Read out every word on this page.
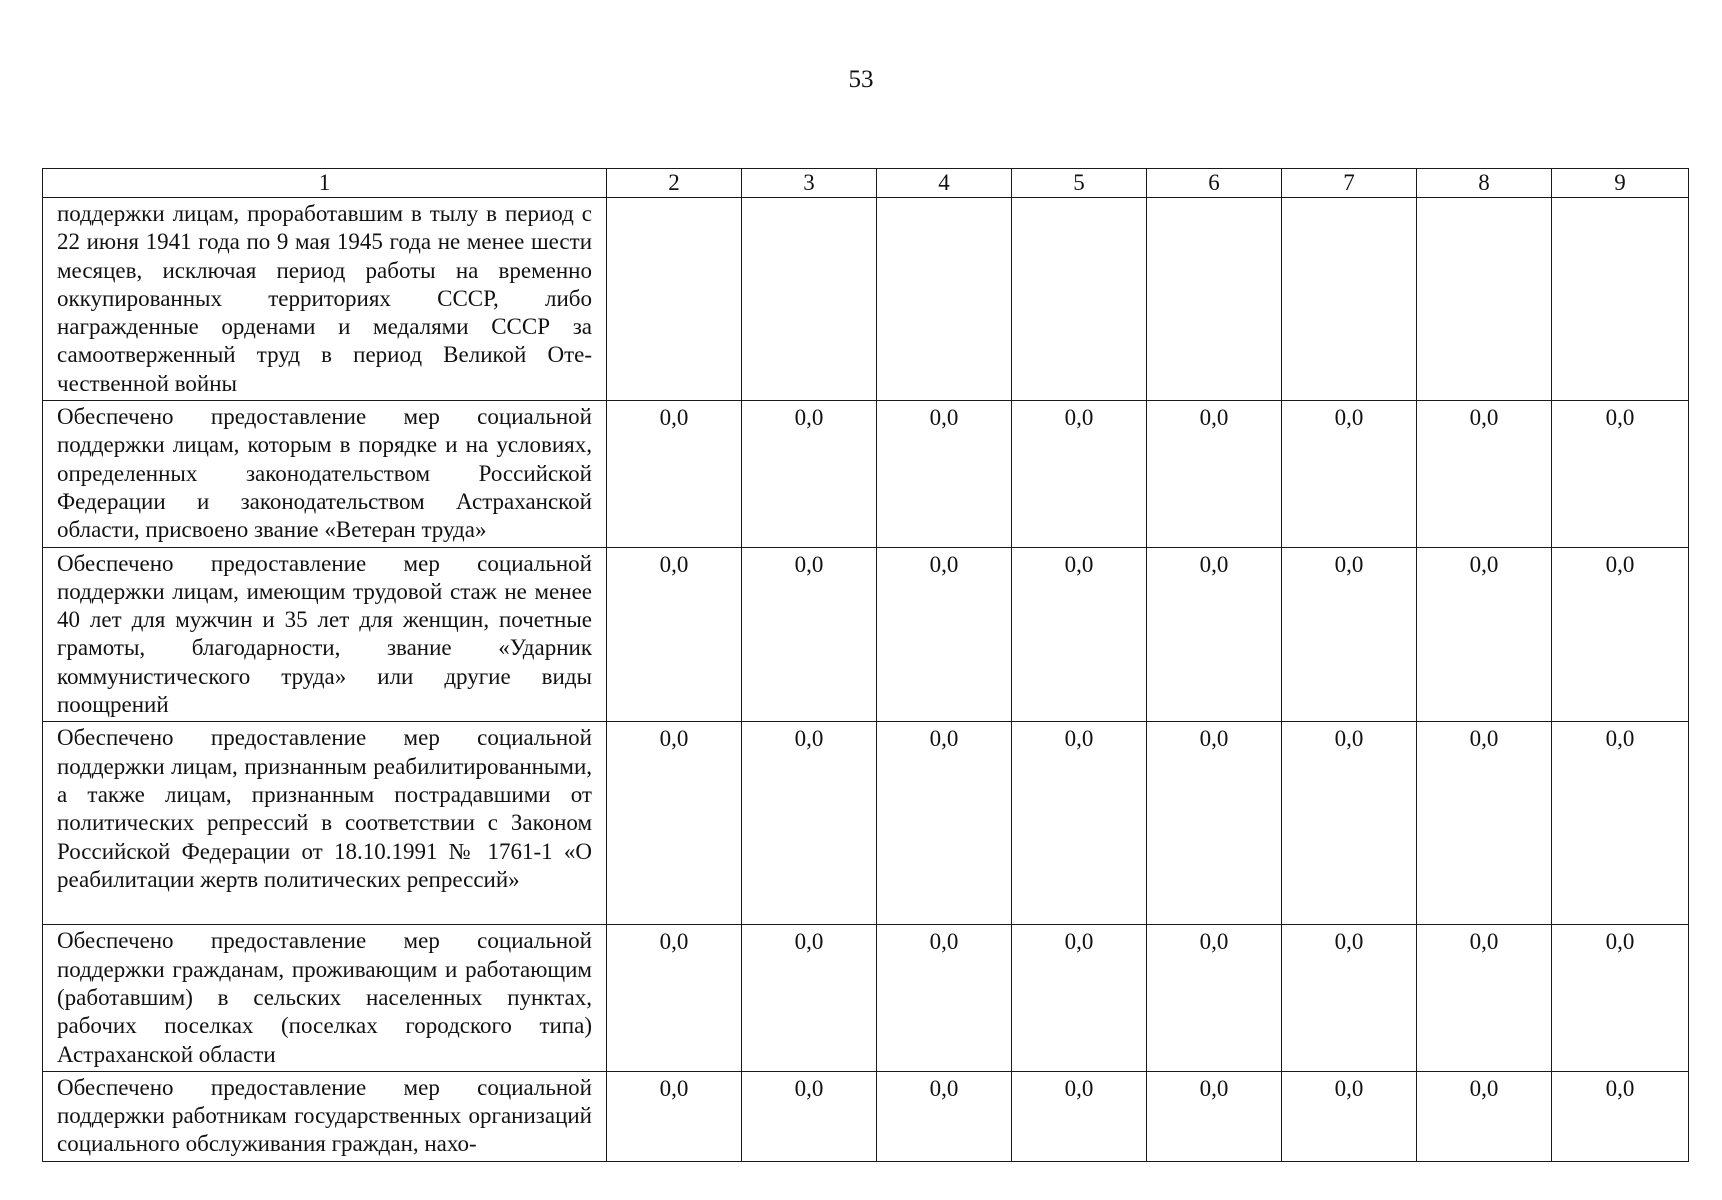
53
1	2	3	4	5	6	7	8	9
поддержки лицам, проработавшим в тылу в период с 22 июня 1941 года по 9 мая 1945 года не менее шести месяцев, исключая период работы на временно оккупированных территориях СССР, либо награжденные орденами и медалями СССР за самоотверженный труд в период Великой Отечественной войны								
Обеспечено предоставление мер социальной поддержки лицам, которым в порядке и на условиях, определенных законодательством Российской Федерации и законодательством Астраханской области, присвоено звание «Ветеран труда»	0,0	0,0	0,0	0,0	0,0	0,0	0,0	0,0
Обеспечено предоставление мер социальной поддержки лицам, имеющим трудовой стаж не менее 40 лет для мужчин и 35 лет для женщин, почетные грамоты, благодарности, звание «Ударник коммунистического труда» или другие виды поощрений	0,0	0,0	0,0	0,0	0,0	0,0	0,0	0,0
Обеспечено предоставление мер социальной поддержки лицам, признанным реабилитированными, а также лицам, признанным пострадавшими от политических репрессий в соответствии с Законом Российской Федерации от 18.10.1991 № 1761-1 «О реабилитации жертв политических репрессий»	0,0	0,0	0,0	0,0	0,0	0,0	0,0	0,0
Обеспечено предоставление мер социальной поддержки гражданам, проживающим и работающим (работавшим) в сельских населенных пунктах, рабочих поселках (поселках городского типа) Астраханской области	0,0	0,0	0,0	0,0	0,0	0,0	0,0	0,0
Обеспечено предоставление мер социальной поддержки работникам государственных организаций социального обслуживания граждан, нахо-	0,0	0,0	0,0	0,0	0,0	0,0	0,0	0,0
